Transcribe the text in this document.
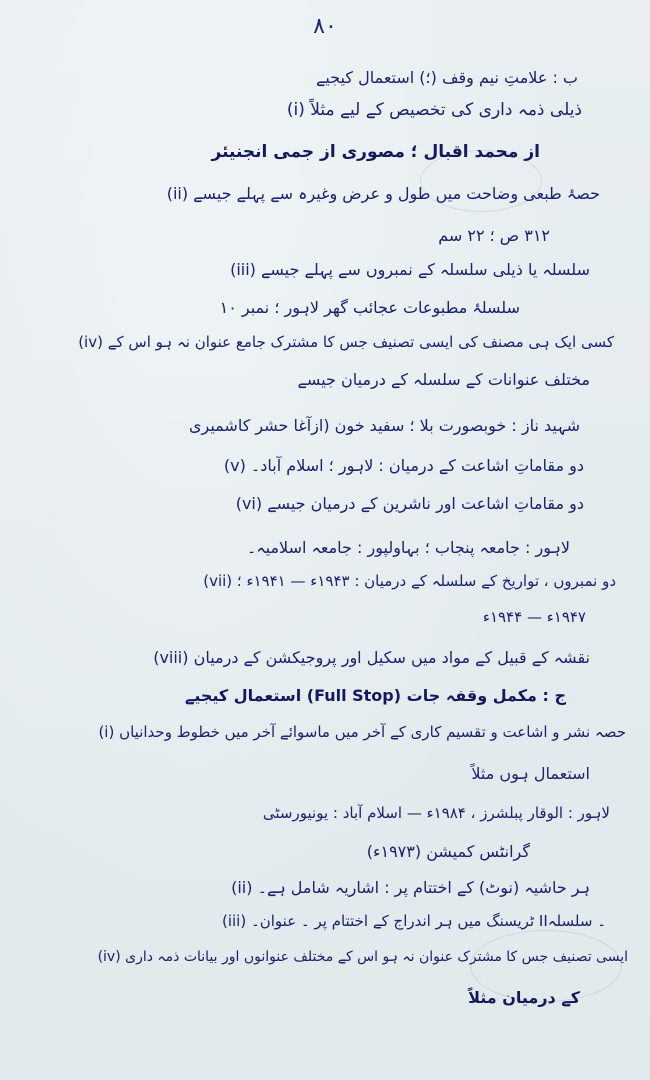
۸۰
ب : علامتِ نیم وقف (؛) استعمال کیجیے
(i) ذیلی ذمہ داری کی تخصیص کے لیے مثلاً
از محمد اقبال ؛ مصوری از جمی انجنیئر
(ii) حصۂ طبعی وضاحت میں طول و عرض وغیرہ سے پہلے جیسے
۳۱۲ ص ؛ ۲۲ سم
(iii) سلسلہ یا ذیلی سلسلہ کے نمبروں سے پہلے جیسے
سلسلۂ مطبوعات عجائب گھر لاہور ؛ نمبر ۱۰
(iv) کسی ایک ہی مصنف کی ایسی تصنیف جس کا مشترک جامع عنوان نہ ہو اس کے
مختلف عنوانات کے سلسلہ کے درمیان جیسے
شہید ناز : خوبصورت بلا ؛ سفید خون (ازآغا حشر کاشمیری
(v) دو مقاماتِ اشاعت کے درمیان : لاہور ؛ اسلام آباد۔
(vi) دو مقاماتِ اشاعت اور ناشرین کے درمیان جیسے
لاہور : جامعہ پنجاب ؛ بہاولپور : جامعہ اسلامیہ۔
(vii) دو نمبروں ، تواریخ کے سلسلہ کے درمیان : ۱۹۴۳ء — ۱۹۴۱ء ؛
۱۹۴۷ء — ۱۹۴۴ء
(viii) نقشہ کے قبیل کے مواد میں سکیل اور پروجیکشن کے درمیان
ج : مکمل وقفہ جات (Full Stop) استعمال کیجیے
(i) حصہ نشر و اشاعت و تقسیم کاری کے آخر میں ماسوائے آخر میں خطوط وحدانیاں
استعمال ہوں مثلاً
لاہور : الوقار پبلشرز ، ۱۹۸۴ء — اسلام آباد : یونیورسٹی
گرانٹس کمیشن (۱۹۷۳ء)
(ii) ہر حاشیہ (نوٹ) کے اختتام پر : اشاریہ شامل ہے۔
(iii) ٹریسنگ میں ہر اندراج کے اختتام پر ۔ عنوان۔ II۔ سلسلہ
(iv) ایسی تصنیف جس کا مشترک عنوان نہ ہو اس کے مختلف عنوانوں اور بیانات ذمہ داری
کے درمیان مثلاً
